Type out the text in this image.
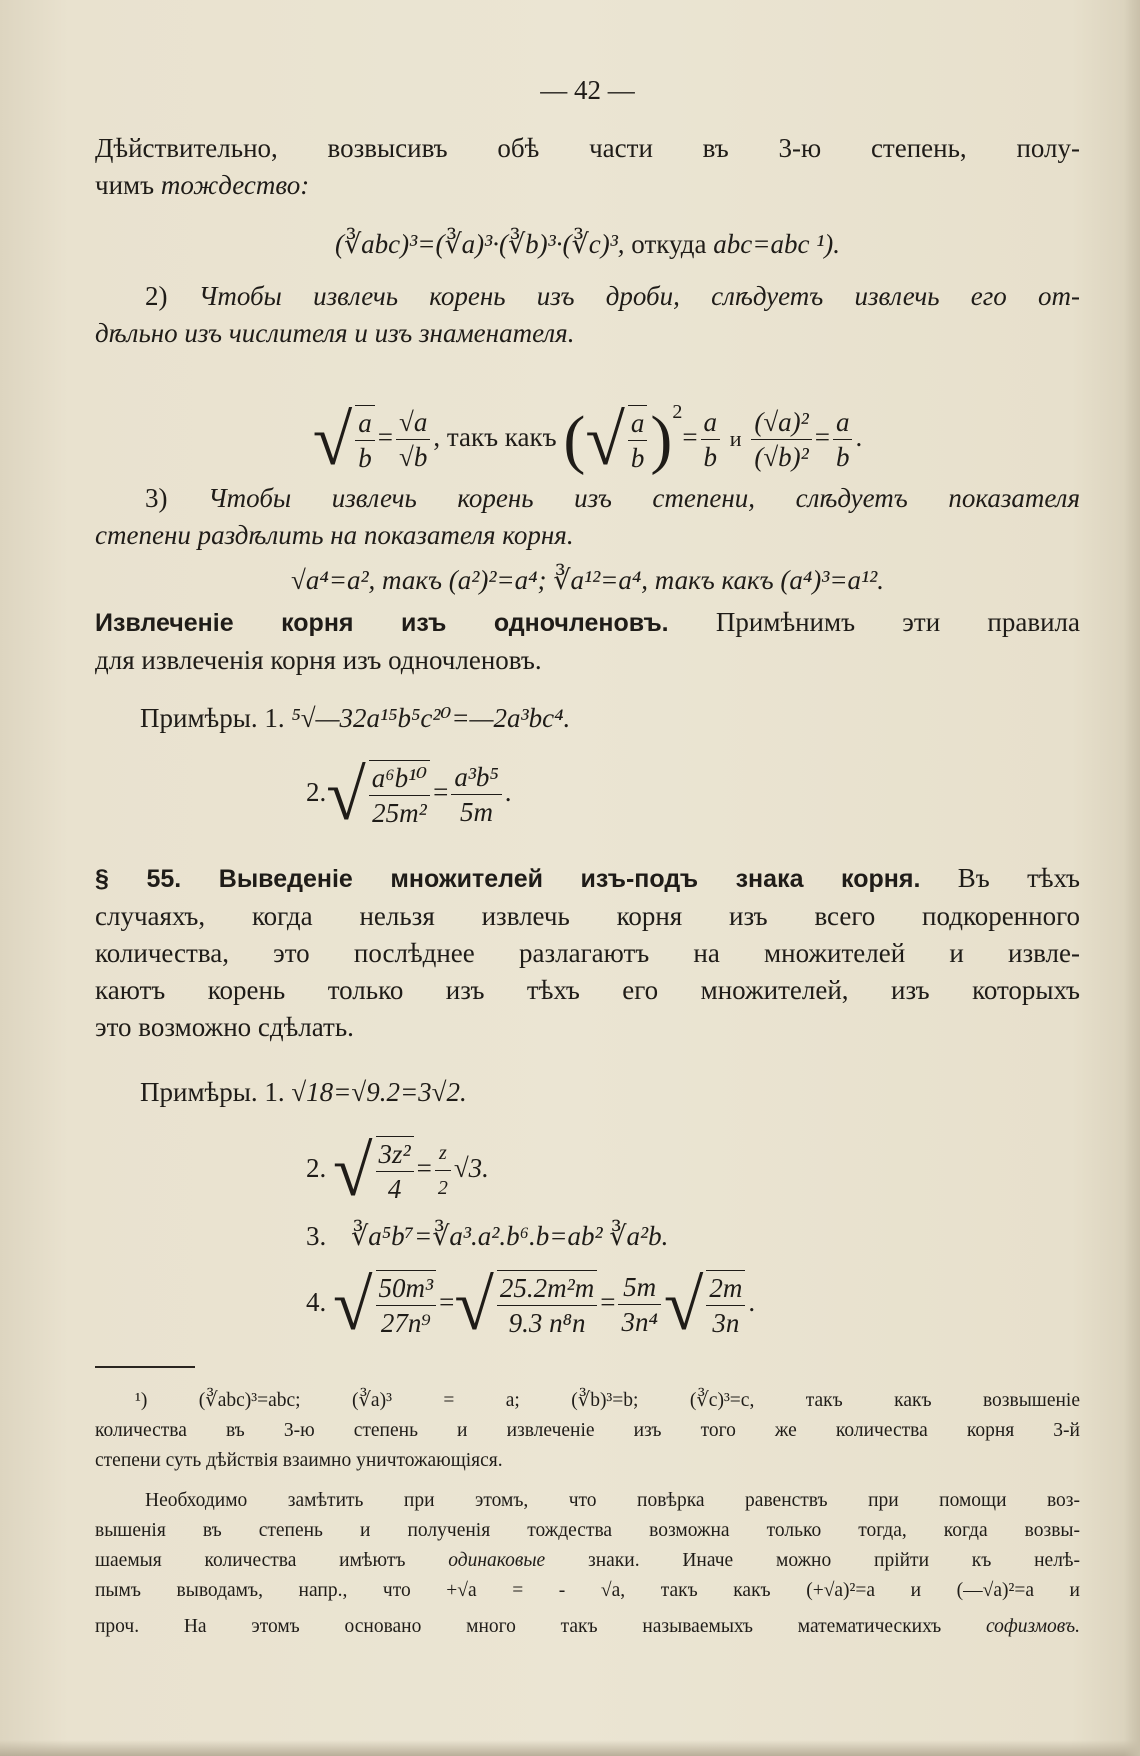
— 42 —
Дѣйствительно, возвысивъ обѣ части въ 3-ю степень, полу-
чимъ тождество:
(∛abc)³=(∛a)³·(∛b)³·(∛c)³, откуда abc=abc ¹).
2) Чтобы извлечь корень изъ дроби, слѣдуетъ извлечь его от-
дѣльно изъ числителя и изъ знаменателя.
√ $\frac{a}{b} = \frac{√a}{√b}$ , такъ какъ (√ $\frac{a}{b} )^2= \frac{a}{b}$ и $\frac{\text{(√a)²}}{\text{(√b)²}} = \frac{a}{b}$ .
3) Чтобы извлечь корень изъ степени, слѣдуетъ показателя
степени раздѣлить на показателя корня.
√a⁴=a², такъ (a²)²=a⁴; ∛a¹²=a⁴, такъ какъ (a⁴)³=a¹².
Извлеченіе корня изъ одночленовъ. Примѣнимъ эти правила
для извлеченія корня изъ одночленовъ.
Примѣры. 1. ⁵√—32a¹⁵b⁵c²⁰=—2a³bc⁴.
$2.√ \frac{\text{a⁶b¹⁰}}{\text{25m²}} = \frac{\text{a³b⁵}}{5m}$ .
§ 55. Выведеніе множителей изъ-подъ знака корня. Въ тѣхъ
случаяхъ, когда нельзя извлечь корня изъ всего подкоренного
количества, это послѣднее разлагаютъ на множителей и извле-
каютъ корень только изъ тѣхъ его множителей, изъ которыхъ
это возможно сдѣлать.
Примѣры. 1. √18=√9.2=3√2.
2. √ $\frac{\text{3z²}}{4} = \frac{z}{2} √3$.
3. ∛a⁵b⁷=∛a³.a².b⁶.b=ab² ∛a²b.
4. √ $\frac{\text{50m³}}{\text{27n⁹}}$ =√ $\frac{\text{25.2m²m}}{\text{9.3 n⁸n}} = \frac{5m}{\text{3n⁴}}$ √ $\frac{2m}{3n}$ .
¹) (∛abc)³=abc; (∛a)³ = a; (∛b)³=b; (∛c)³=c, такъ какъ возвышеніе
количества въ 3-ю степень и извлеченіе изъ того же количества корня 3-й
степени суть дѣйствія взаимно уничтожающіяся.
Необходимо замѣтить при этомъ, что повѣрка равенствъ при помощи воз-
вышенія въ степень и полученія тождества возможна только тогда, когда возвы-
шаемыя количества имѣютъ одинаковые знаки. Иначе можно прійти къ нелѣ-
пымъ выводамъ, напр., что +√a = - √a, такъ какъ (+√a)²=a и (—√a)²=a и
проч. На этомъ основано много такъ называемыхъ математическихъ софизмовъ.
